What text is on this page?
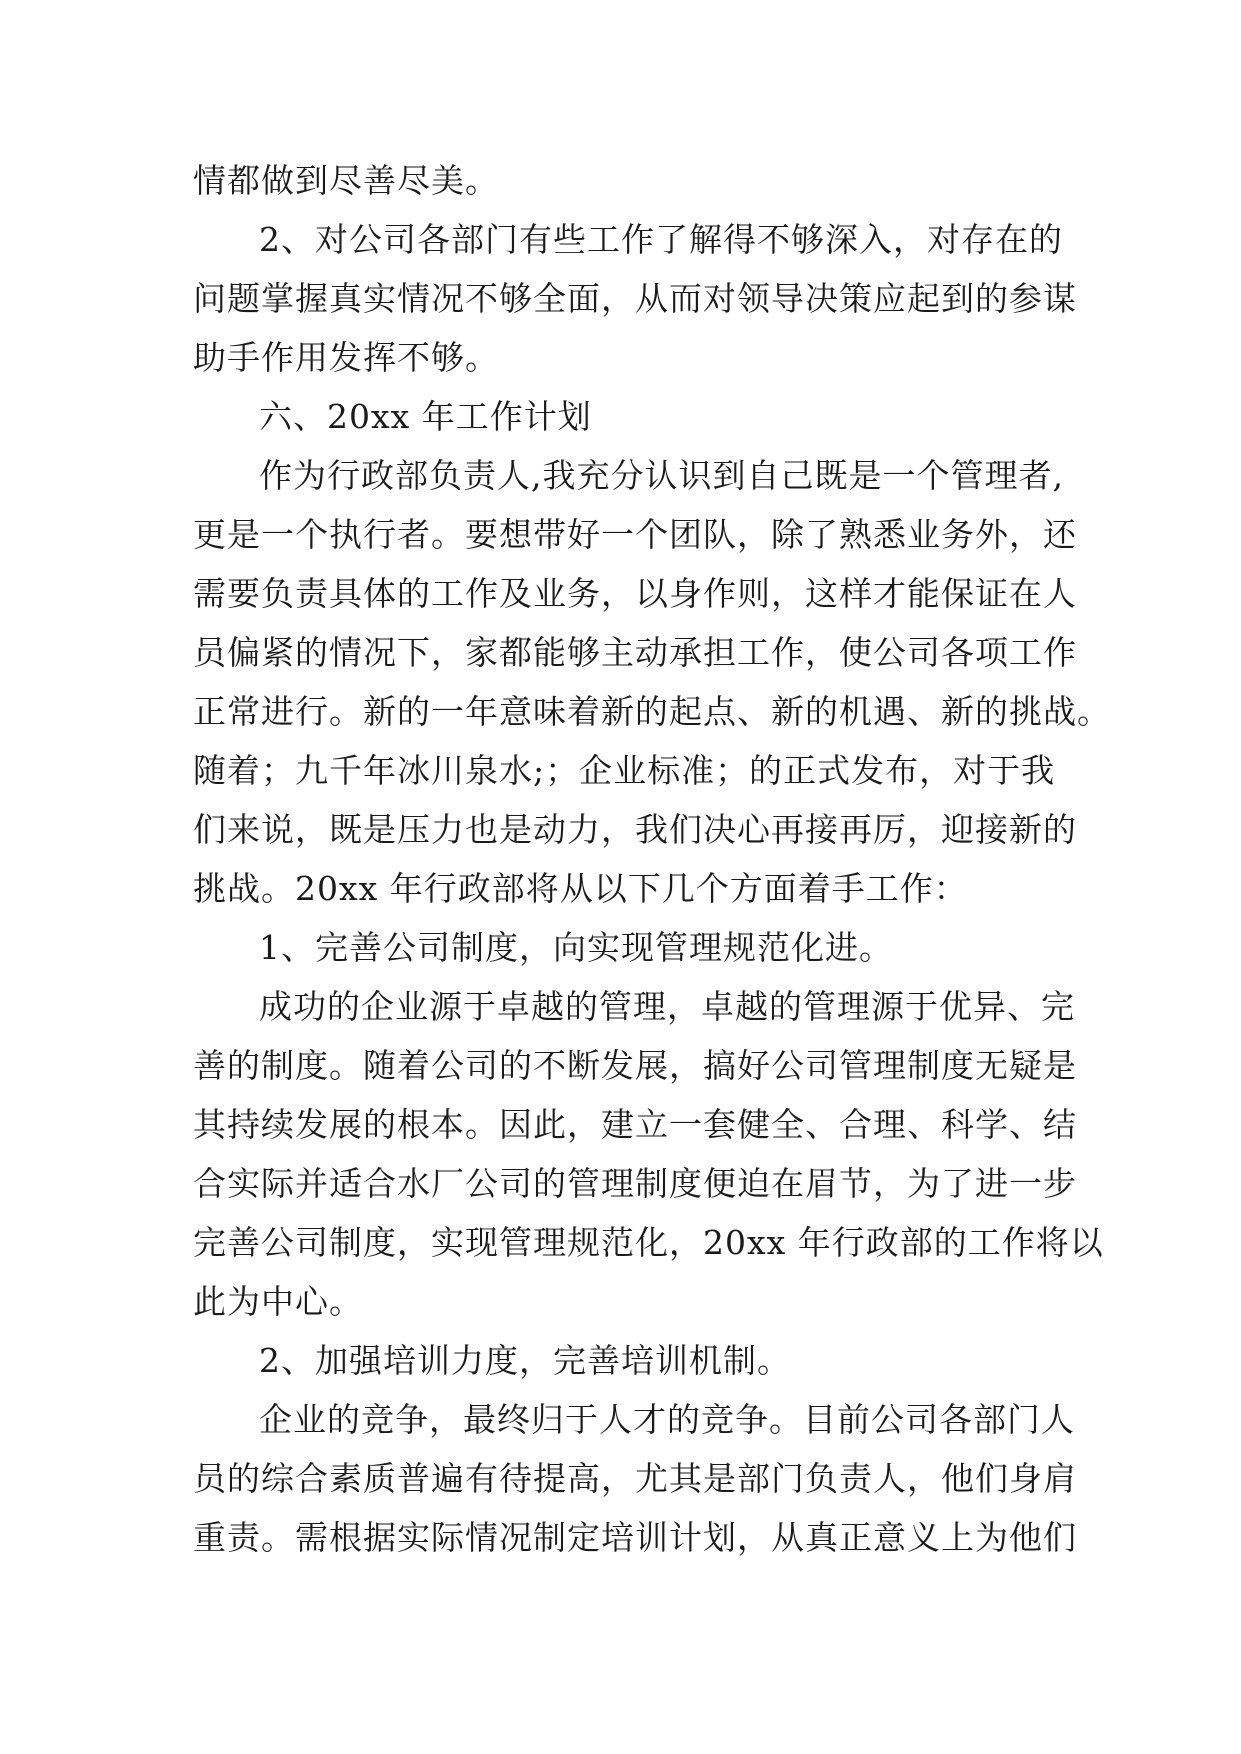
情都做到尽善尽美。
2、对公司各部门有些工作了解得不够深入，对存在的
问题掌握真实情况不够全面，从而对领导决策应起到的参谋
助手作用发挥不够。
六、20xx 年工作计划
作为行政部负责人,我充分认识到自己既是一个管理者,
更是一个执行者。要想带好一个团队，除了熟悉业务外，还
需要负责具体的工作及业务，以身作则，这样才能保证在人
员偏紧的情况下，家都能够主动承担工作，使公司各项工作
正常进行。新的一年意味着新的起点、新的机遇、新的挑战。
随着；九千年冰川泉水;；企业标准；的正式发布，对于我
们来说，既是压力也是动力，我们决心再接再厉，迎接新的
挑战。20xx 年行政部将从以下几个方面着手工作：
1、完善公司制度，向实现管理规范化进。
成功的企业源于卓越的管理，卓越的管理源于优异、完
善的制度。随着公司的不断发展，搞好公司管理制度无疑是
其持续发展的根本。因此，建立一套健全、合理、科学、结
合实际并适合水厂公司的管理制度便迫在眉节，为了进一步
完善公司制度，实现管理规范化，20xx 年行政部的工作将以
此为中心。
2、加强培训力度，完善培训机制。
企业的竞争，最终归于人才的竞争。目前公司各部门人
员的综合素质普遍有待提高，尤其是部门负责人，他们身肩
重责。需根据实际情况制定培训计划，从真正意义上为他们
